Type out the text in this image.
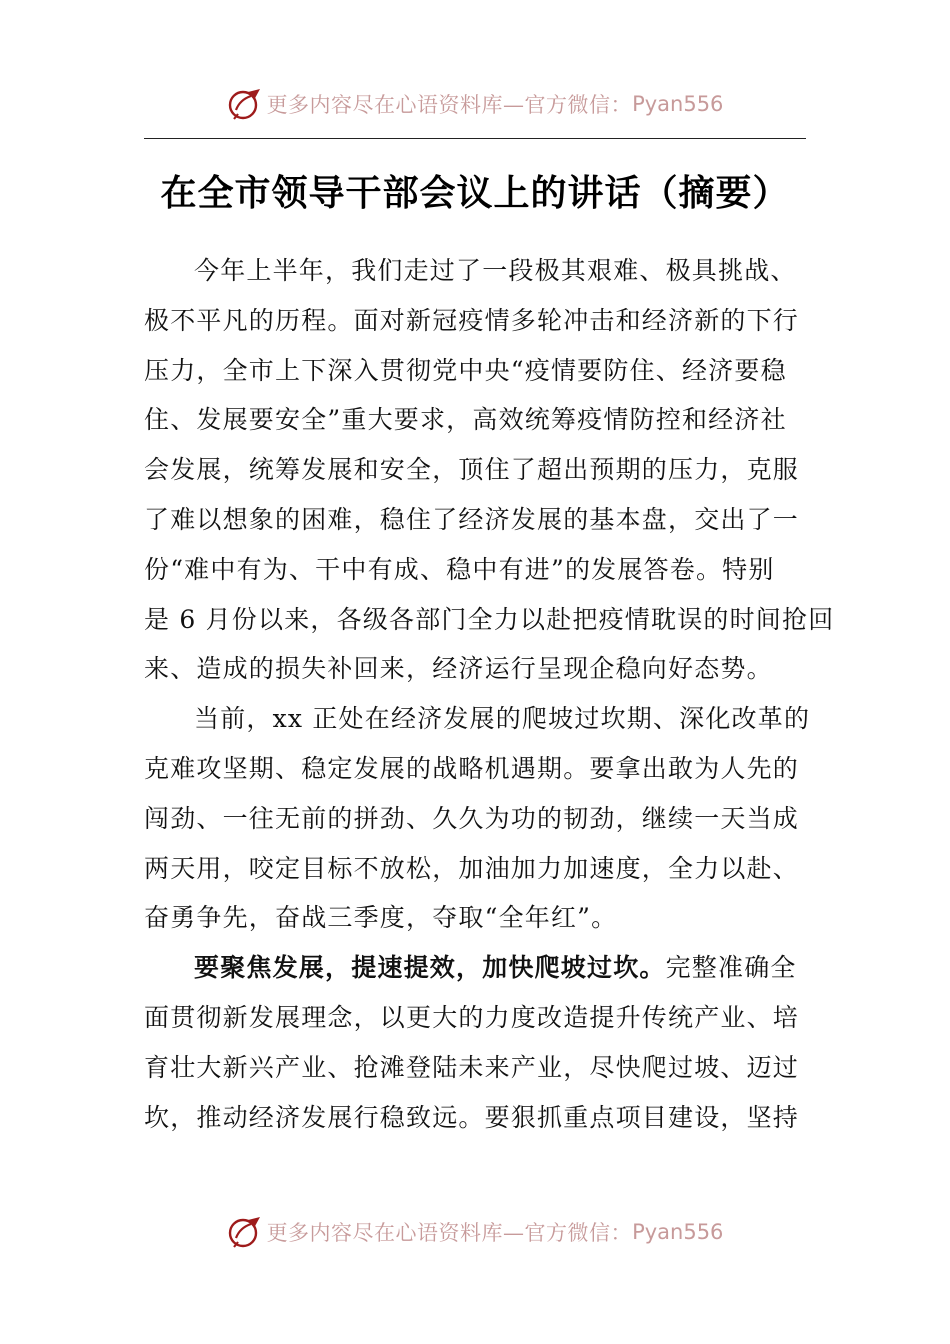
更多内容尽在心语资料库—官方微信： Pyan556
在全市领导干部会议上的讲话（摘要）
今年上半年，我们走过了一段极其艰难、极具挑战、
极不平凡的历程。面对新冠疫情多轮冲击和经济新的下行
压力，全市上下深入贯彻党中央“疫情要防住、经济要稳
住、发展要安全”重大要求，高效统筹疫情防控和经济社
会发展，统筹发展和安全，顶住了超出预期的压力，克服
了难以想象的困难，稳住了经济发展的基本盘，交出了一
份“难中有为、干中有成、稳中有进”的发展答卷。特别
是 6 月份以来，各级各部门全力以赴把疫情耽误的时间抢回
来、造成的损失补回来，经济运行呈现企稳向好态势。
当前，xx 正处在经济发展的爬坡过坎期、深化改革的
克难攻坚期、稳定发展的战略机遇期。要拿出敢为人先的
闯劲、一往无前的拼劲、久久为功的韧劲，继续一天当成
两天用，咬定目标不放松，加油加力加速度，全力以赴、
奋勇争先，奋战三季度，夺取“全年红”。
要聚焦发展，提速提效，加快爬坡过坎。完整准确全
面贯彻新发展理念，以更大的力度改造提升传统产业、培
育壮大新兴产业、抢滩登陆未来产业，尽快爬过坡、迈过
坎，推动经济发展行稳致远。要狠抓重点项目建设，坚持
更多内容尽在心语资料库—官方微信： Pyan556
